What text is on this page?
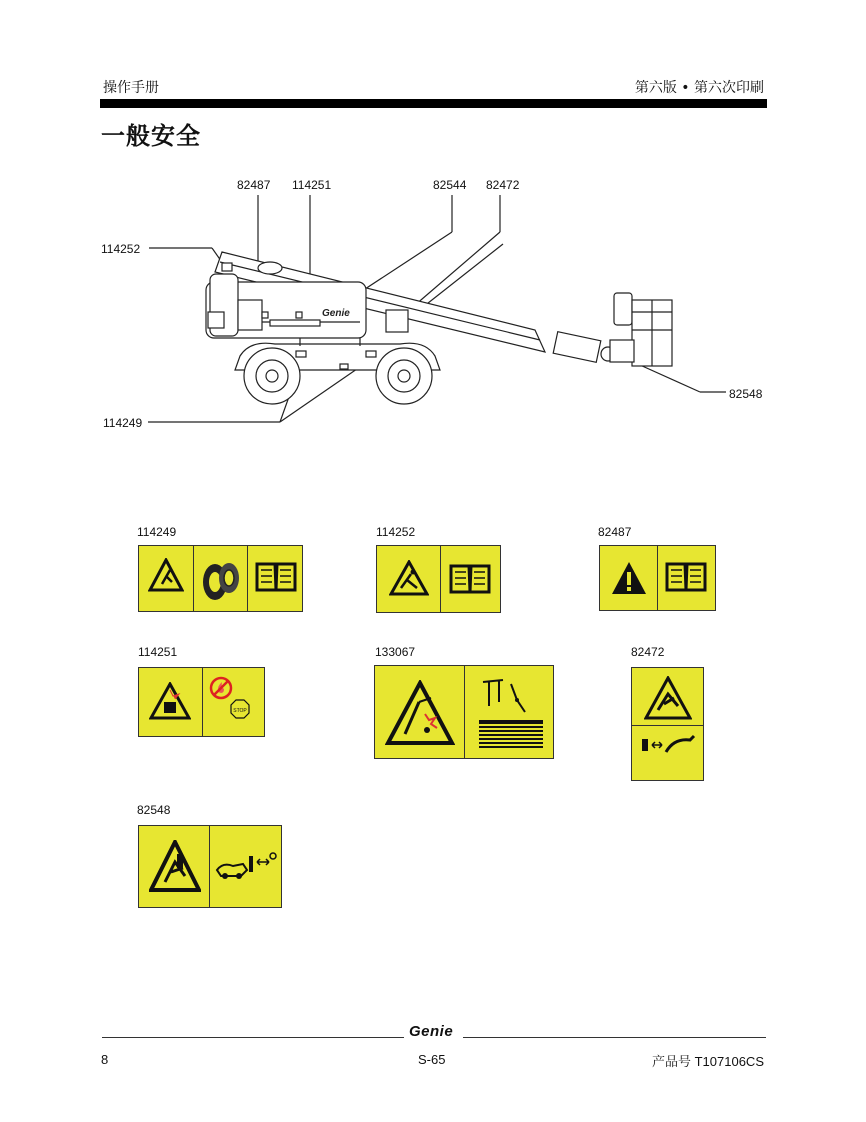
操作手册	第六版 • 第六次印刷
一般安全
Genie
82487 114251	82544 82472
114252
114249
82548
114249	114252	82487
114251	133067	82472
82548
STOP
Genie
8	S-65	产品号 T107106CS
